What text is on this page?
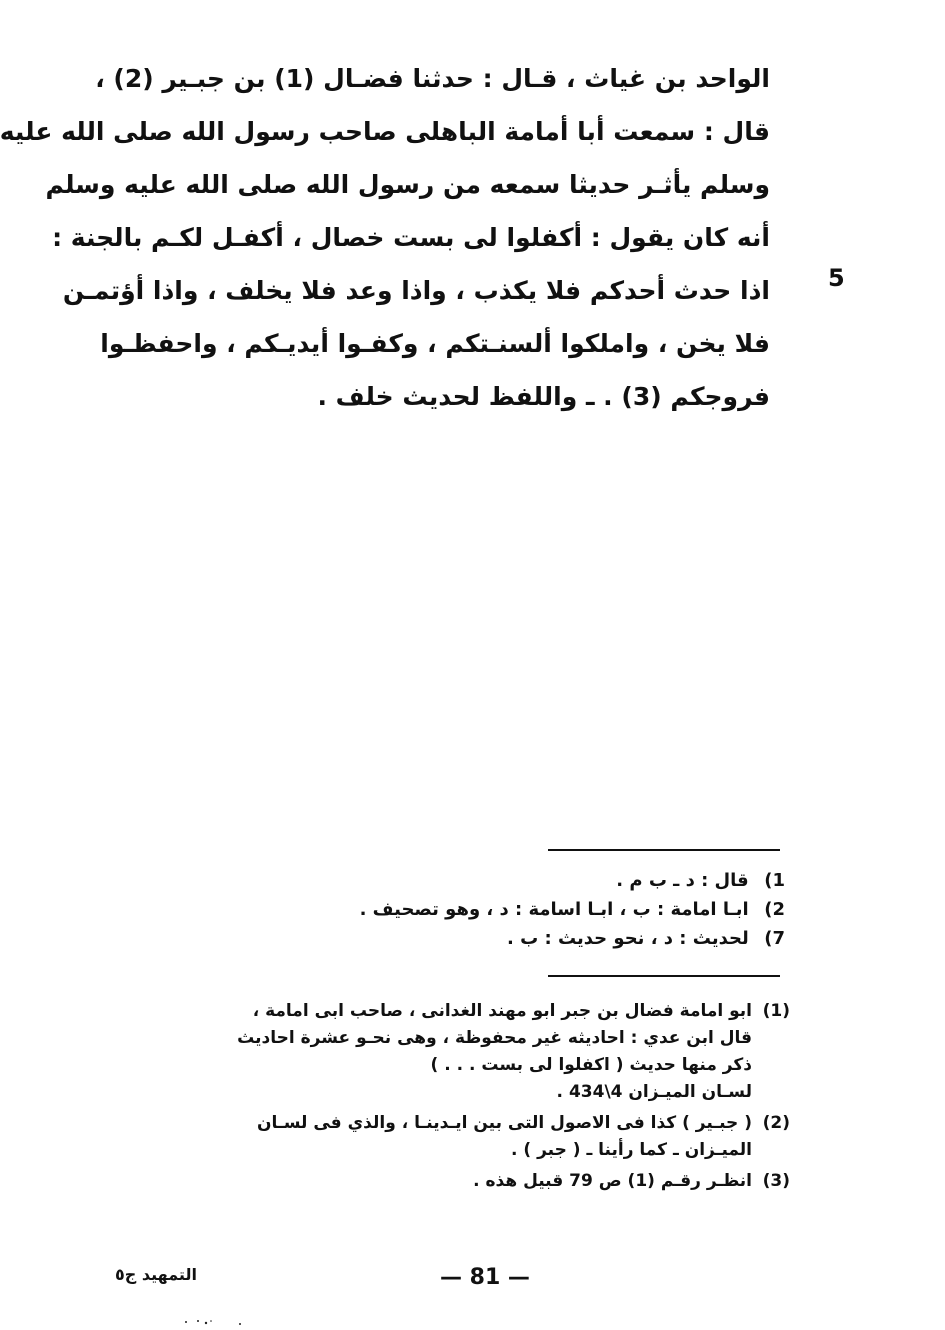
الواحد بن غياث ، قـال : حدثنا فضـال (1) بن جبـير (2) ،
قال : سمعت أبا أمامة الباهلى صاحب رسول الله صلى الله عليه
وسلم يأثـر حديثا سمعه من رسول الله صلى الله عليه وسلم
أنه كان يقول : أكفلوا لى بست خصال ، أكفـل لكـم بالجنة :
اذا حدث أحدكم فلا يكذب ، واذا وعد فلا يخلف ، واذا أؤتمـن
فلا يخن ، واملكوا ألسنـتكم ، وكفـوا أيديـكم ، واحفظـوا
فروجكم (3) . ـ واللفظ لحديث خلف .
5
1) قال : د ـ ب م .
2) ابـا امامة : ب ، ابـا اسامة : د ، وهو تصحيف .
7) لحديث : د ، نحو حديث : ب .
(1)
ابو امامة فضال بن جبر ابو مهند الغدانى ، صاحب ابى امامة ،
قال ابن عدي : احاديثه غير محفوظة ، وهى نحـو عشرة احاديث
ذكر منها حديث ( اكفلوا لى بست . . . )
لسـان الميـزان 4\434 .
(2)
( جبـير ) كذا فى الاصول التى بين ايـدينـا ، والذي فى لسـان
الميـزان ـ كما رأينا ـ ( جبر ) .
(3)
انظـر رقـم (1) ص 79 قبيل هذه .
— 81 —
التمهيد ج٥
